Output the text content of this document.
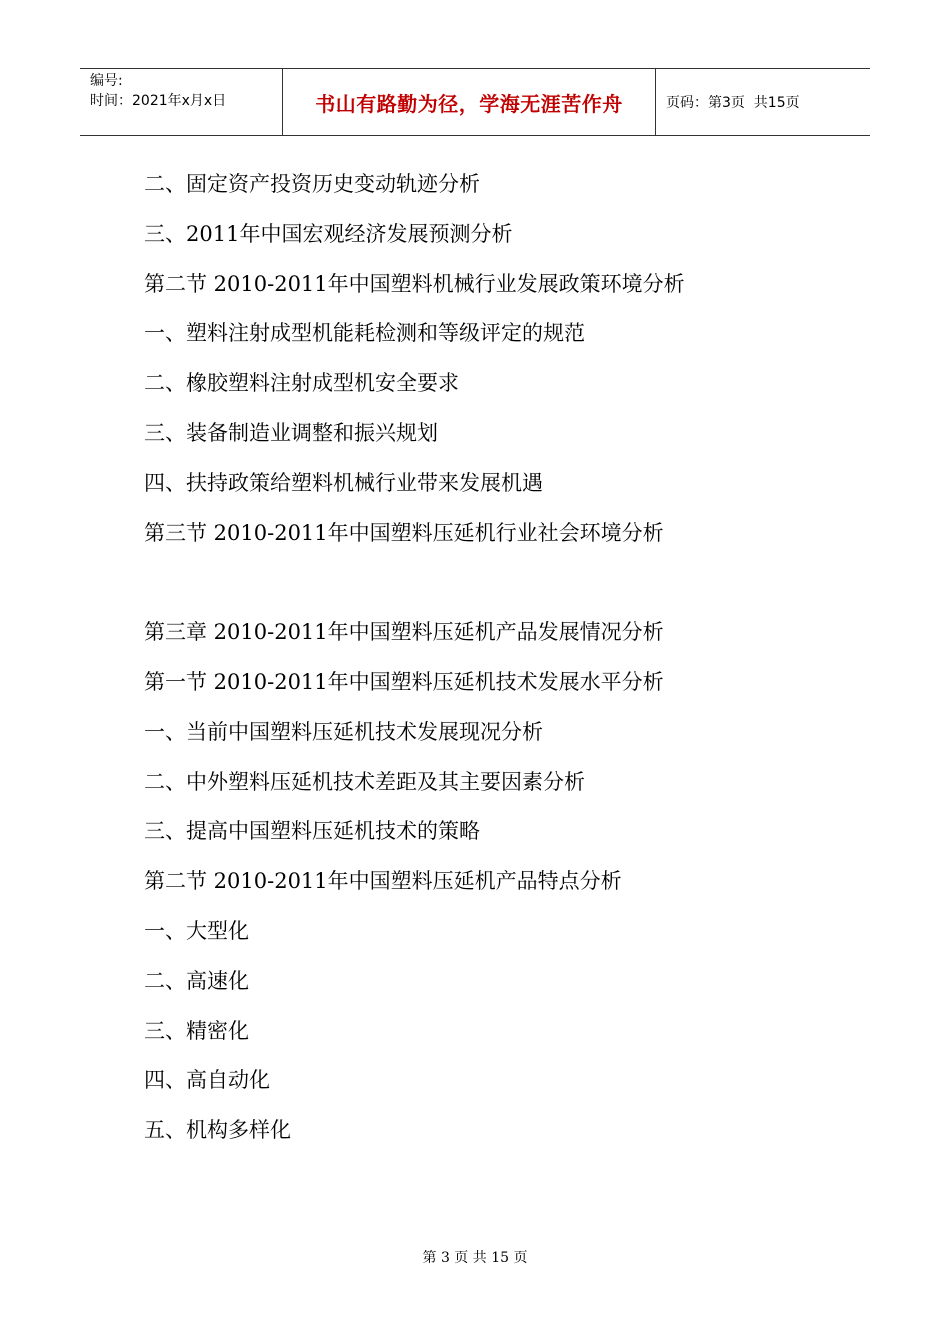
编号:
时间：2021年x月x日	书山有路勤为径，学海无涯苦作舟	页码：第3页  共15页
二、固定资产投资历史变动轨迹分析
三、2011年中国宏观经济发展预测分析
第二节 2010-2011年中国塑料机械行业发展政策环境分析
一、塑料注射成型机能耗检测和等级评定的规范
二、橡胶塑料注射成型机安全要求
三、装备制造业调整和振兴规划
四、扶持政策给塑料机械行业带来发展机遇
第三节 2010-2011年中国塑料压延机行业社会环境分析
第三章 2010-2011年中国塑料压延机产品发展情况分析
第一节 2010-2011年中国塑料压延机技术发展水平分析
一、当前中国塑料压延机技术发展现况分析
二、中外塑料压延机技术差距及其主要因素分析
三、提高中国塑料压延机技术的策略
第二节 2010-2011年中国塑料压延机产品特点分析
一、大型化
二、高速化
三、精密化
四、高自动化
五、机构多样化
第 3 页 共 15 页
